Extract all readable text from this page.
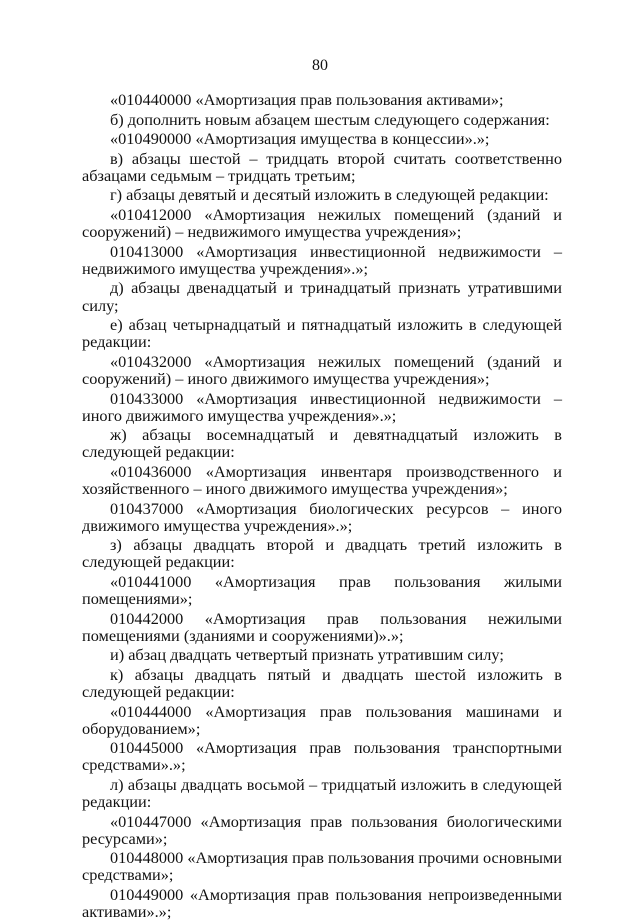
80

«010440000 «Амортизация прав пользования активами»;

б) дополнить новым абзацем шестым следующего содержания:

«010490000 «Амортизация имущества в концессии».»;

в) абзацы шестой – тридцать второй считать соответственно абзацами седьмым – тридцать третьим;

г) абзацы девятый и десятый изложить в следующей редакции:

«010412000 «Амортизация нежилых помещений (зданий и сооружений) – недвижимого имущества учреждения»;

010413000 «Амортизация инвестиционной недвижимости – недвижимого имущества учреждения».»;

д) абзацы двенадцатый и тринадцатый признать утратившими силу;

е) абзац четырнадцатый и пятнадцатый изложить в следующей редакции:

«010432000 «Амортизация нежилых помещений (зданий и сооружений) – иного движимого имущества учреждения»;

010433000 «Амортизация инвестиционной недвижимости – иного движимого имущества учреждения».»;

ж) абзацы восемнадцатый и девятнадцатый изложить в следующей редакции:

«010436000 «Амортизация инвентаря производственного и хозяйственного – иного движимого имущества учреждения»;

010437000 «Амортизация биологических ресурсов – иного движимого имущества учреждения».»;

з) абзацы двадцать второй и двадцать третий изложить в следующей редакции:

«010441000 «Амортизация прав пользования жилыми помещениями»;

010442000 «Амортизация прав пользования нежилыми помещениями (зданиями и сооружениями)».»;

и) абзац двадцать четвертый признать утратившим силу;

к) абзацы двадцать пятый и двадцать шестой изложить в следующей редакции:

«010444000 «Амортизация прав пользования машинами и оборудованием»;

010445000 «Амортизация прав пользования транспортными средствами».»;

л) абзацы двадцать восьмой – тридцатый изложить в следующей редакции:

«010447000 «Амортизация прав пользования биологическими ресурсами»;

010448000 «Амортизация прав пользования прочими основными средствами»;

010449000 «Амортизация прав пользования непроизведенными активами».»;
